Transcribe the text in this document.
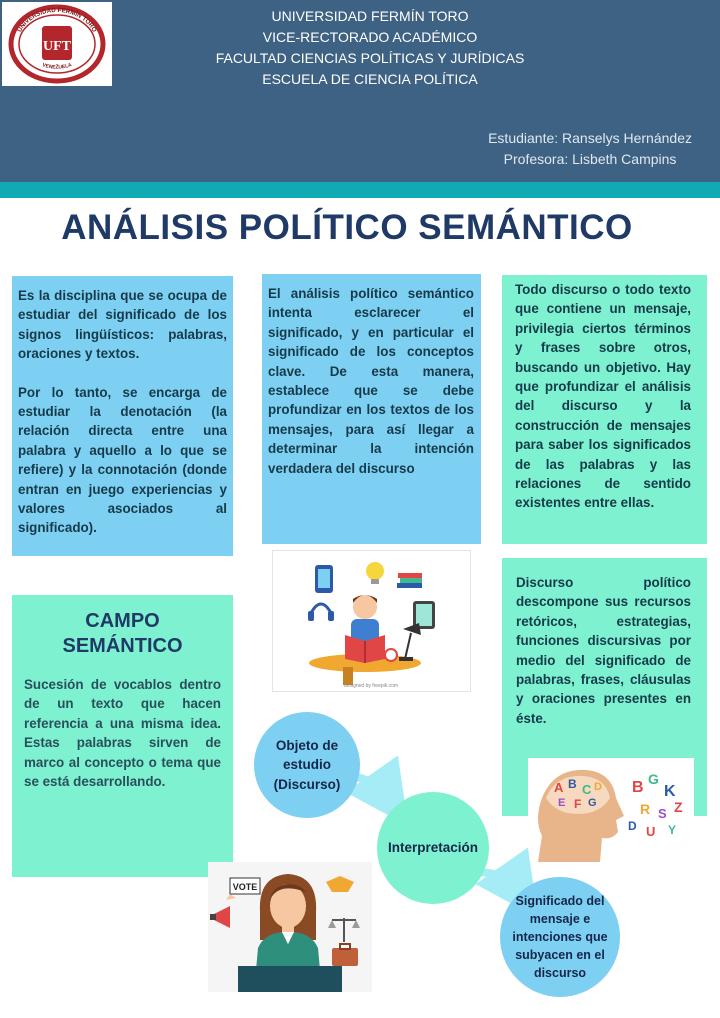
UNIVERSIDAD FERMÍN TORO
VENEZUELA
UFT
UNIVERSIDAD FERMÍN TORO
VICE-RECTORADO ACADÉMICO
FACULTAD CIENCIAS POLÍTICAS Y JURÍDICAS
ESCUELA DE CIENCIA POLÍTICA
Estudiante: Ranselys Hernández
Profesora: Lisbeth Campins
ANÁLISIS POLÍTICO SEMÁNTICO

Es la disciplina que se ocupa de estudiar del significado de los signos lingüísticos: palabras, oraciones y textos.

Por lo tanto, se encarga de estudiar la denotación (la relación directa entre una palabra y aquello a lo que se refiere) y la connotación (donde entran en juego experiencias y valores asociados al significado).

El análisis político semántico intenta esclarecer el significado, y en particular el significado de los conceptos clave. De esta manera, establece que se debe profundizar en los textos de los mensajes, para así llegar a determinar la intención verdadera del discurso

Todo discurso o todo texto que contiene un mensaje, privilegia ciertos términos y frases sobre otros, buscando un objetivo. Hay que profundizar el análisis del discurso y la construcción de mensajes para saber los significados de las palabras y las relaciones de sentido existentes entre ellas.

CAMPO
SEMÁNTICO

Sucesión de vocablos dentro de un texto que hacen referencia a una misma idea. Estas palabras sirven de marco al concepto o tema que se está desarrollando.

Discurso político descompone sus recursos retóricos, estrategias, funciones discursivas por medio del significado de palabras, frases, cláusulas y oraciones presentes en éste.

designed by freepik.com
A B C D
E F G
B G
K
R S Z
D U Y
VOTE
Objeto de estudio (Discurso)
Interpretación
Significado del mensaje e intenciones que subyacen en el discurso
